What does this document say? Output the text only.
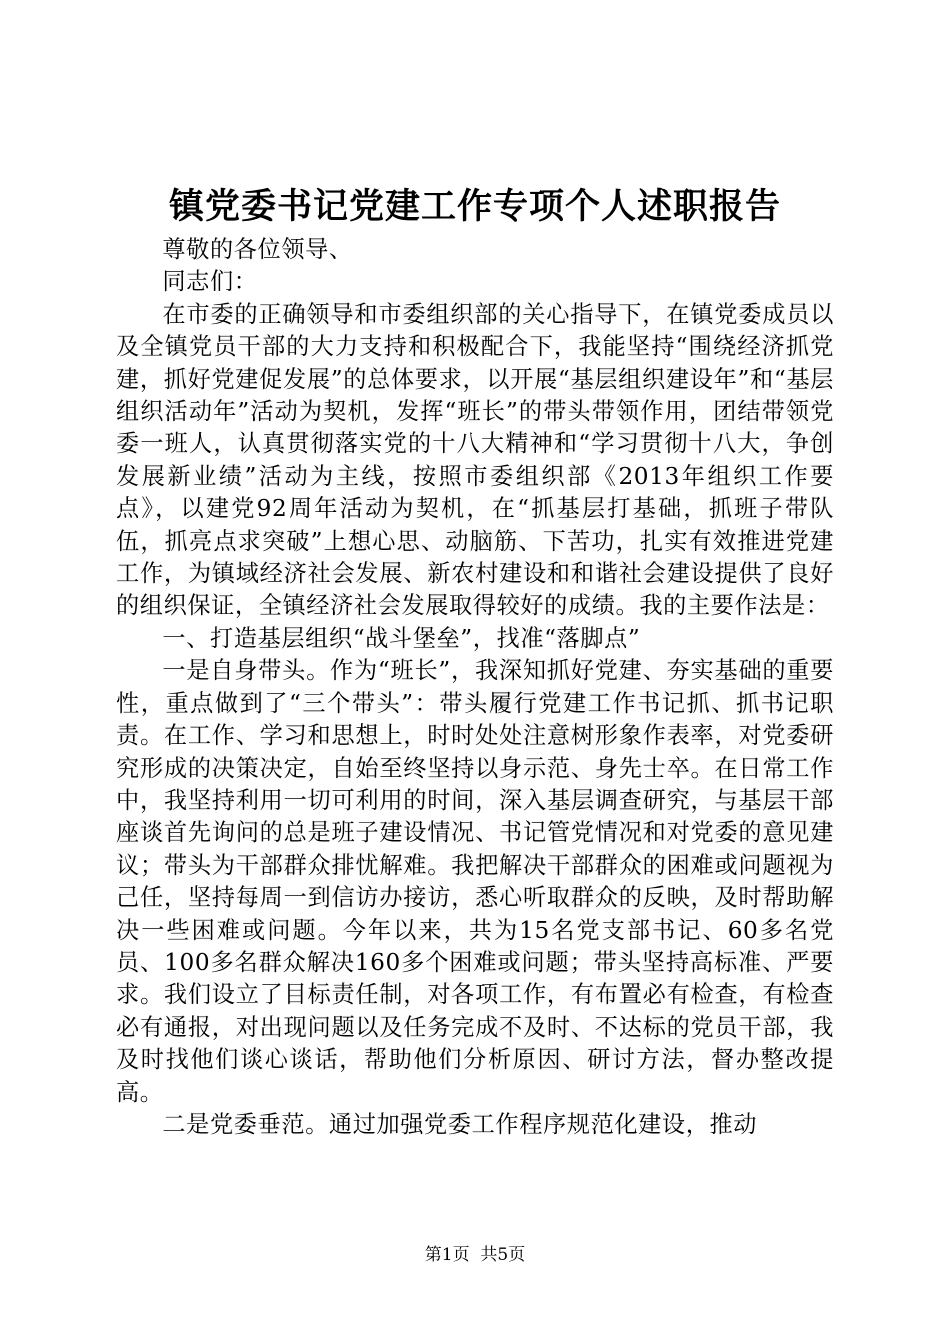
镇党委书记党建工作专项个人述职报告

尊敬的各位领导、

同志们：

在市委的正确领导和市委组织部的关心指导下，在镇党委成员以及全镇党员干部的大力支持和积极配合下，我能坚持“围绕经济抓党建，抓好党建促发展”的总体要求，以开展“基层组织建设年”和“基层组织活动年”活动为契机，发挥“班长”的带头带领作用，团结带领党委一班人，认真贯彻落实党的十八大精神和“学习贯彻十八大，争创发展新业绩”活动为主线，按照市委组织部《2013年组织工作要点》，以建党92周年活动为契机，在“抓基层打基础，抓班子带队伍，抓亮点求突破”上想心思、动脑筋、下苦功，扎实有效推进党建工作，为镇域经济社会发展、新农村建设和和谐社会建设提供了良好的组织保证，全镇经济社会发展取得较好的成绩。我的主要作法是：

一、打造基层组织“战斗堡垒”，找准“落脚点”

一是自身带头。作为“班长”，我深知抓好党建、夯实基础的重要性，重点做到了“三个带头”：带头履行党建工作书记抓、抓书记职责。在工作、学习和思想上，时时处处注意树形象作表率，对党委研究形成的决策决定，自始至终坚持以身示范、身先士卒。在日常工作中，我坚持利用一切可利用的时间，深入基层调查研究，与基层干部座谈首先询问的总是班子建设情况、书记管党情况和对党委的意见建议；带头为干部群众排忧解难。我把解决干部群众的困难或问题视为己任，坚持每周一到信访办接访，悉心听取群众的反映，及时帮助解决一些困难或问题。今年以来，共为15名党支部书记、60多名党员、100多名群众解决160多个困难或问题；带头坚持高标准、严要求。我们设立了目标责任制，对各项工作，有布置必有检查，有检查必有通报，对出现问题以及任务完成不及时、不达标的党员干部，我及时找他们谈心谈话，帮助他们分析原因、研讨方法，督办整改提高。

二是党委垂范。通过加强党委工作程序规范化建设，推动

第1页  共5页
